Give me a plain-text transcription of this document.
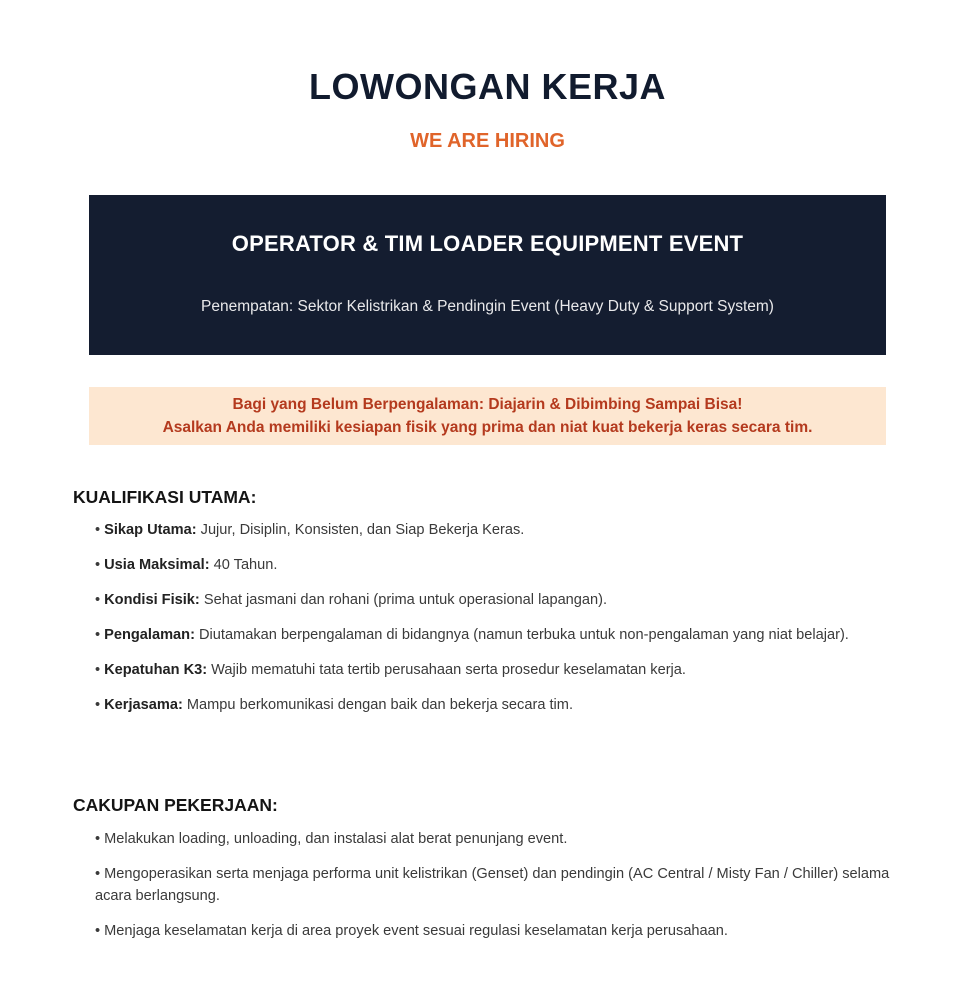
LOWONGAN KERJA
WE ARE HIRING
OPERATOR & TIM LOADER EQUIPMENT EVENT
Penempatan: Sektor Kelistrikan & Pendingin Event (Heavy Duty & Support System)
Bagi yang Belum Berpengalaman: Diajarin & Dibimbing Sampai Bisa!
Asalkan Anda memiliki kesiapan fisik yang prima dan niat kuat bekerja keras secara tim.
KUALIFIKASI UTAMA:
• Sikap Utama: Jujur, Disiplin, Konsisten, dan Siap Bekerja Keras.
• Usia Maksimal: 40 Tahun.
• Kondisi Fisik: Sehat jasmani dan rohani (prima untuk operasional lapangan).
• Pengalaman: Diutamakan berpengalaman di bidangnya (namun terbuka untuk non-pengalaman yang niat belajar).
• Kepatuhan K3: Wajib mematuhi tata tertib perusahaan serta prosedur keselamatan kerja.
• Kerjasama: Mampu berkomunikasi dengan baik dan bekerja secara tim.
CAKUPAN PEKERJAAN:
• Melakukan loading, unloading, dan instalasi alat berat penunjang event.
• Mengoperasikan serta menjaga performa unit kelistrikan (Genset) dan pendingin (AC Central / Misty Fan / Chiller) selama acara berlangsung.
• Menjaga keselamatan kerja di area proyek event sesuai regulasi keselamatan kerja perusahaan.
